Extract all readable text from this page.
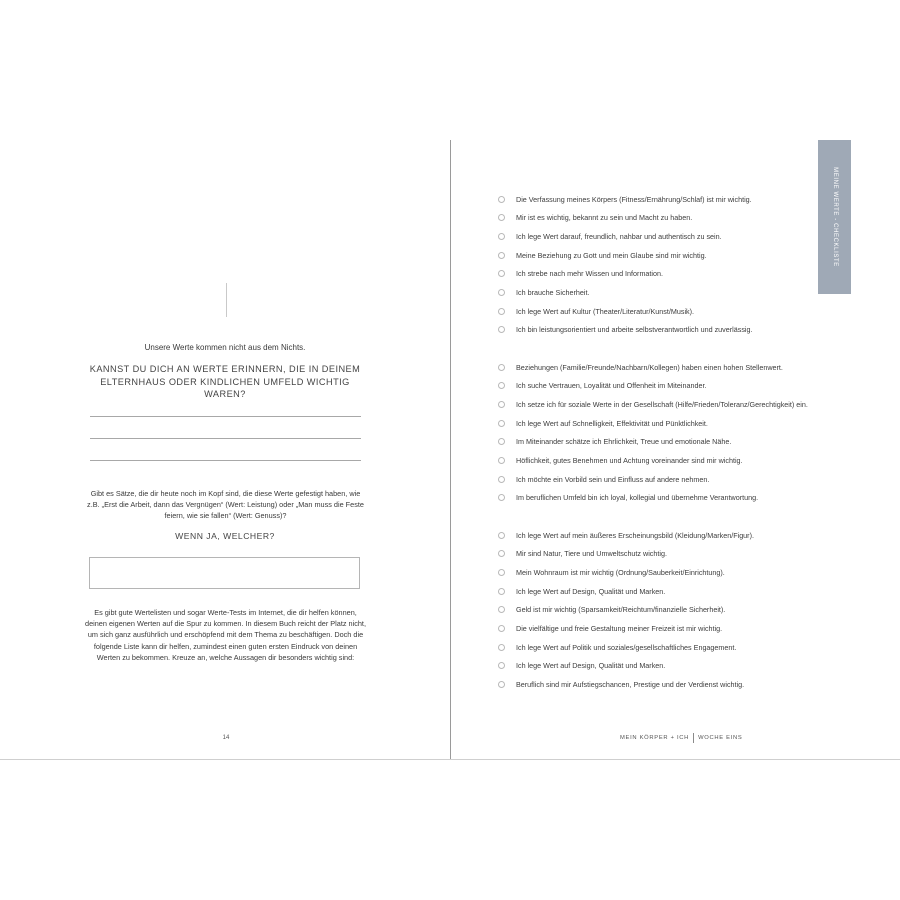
Unsere Werte kommen nicht aus dem Nichts.
KANNST DU DICH AN WERTE ERINNERN, DIE IN DEINEM ELTERNHAUS ODER KINDLICHEN UMFELD WICHTIG WAREN?
Gibt es Sätze, die dir heute noch im Kopf sind, die diese Werte gefestigt haben, wie z.B. „Erst die Arbeit, dann das Vergnügen“ (Wert: Leistung) oder „Man muss die Feste feiern, wie sie fallen“ (Wert: Genuss)?
WENN JA, WELCHER?
Es gibt gute Wertelisten und sogar Werte-Tests im Internet, die dir helfen können, deinen eigenen Werten auf die Spur zu kommen. In diesem Buch reicht der Platz nicht, um sich ganz ausführlich und erschöpfend mit dem Thema zu beschäftigen. Doch die folgende Liste kann dir helfen, zumindest einen guten ersten Eindruck von deinen Werten zu bekommen. Kreuze an, welche Aussagen dir besonders wichtig sind:
14
MEINE WERTE - CHECKLISTE
Die Verfassung meines Körpers (Fitness/Ernährung/Schlaf) ist mir wichtig.
Mir ist es wichtig, bekannt zu sein und Macht zu haben.
Ich lege Wert darauf, freundlich, nahbar und authentisch zu sein.
Meine Beziehung zu Gott und mein Glaube sind mir wichtig.
Ich strebe nach mehr Wissen und Information.
Ich brauche Sicherheit.
Ich lege Wert auf Kultur (Theater/Literatur/Kunst/Musik).
Ich bin leistungsorientiert und arbeite selbstverantwortlich und zuverlässig.
Beziehungen (Familie/Freunde/Nachbarn/Kollegen) haben einen hohen Stellenwert.
Ich suche Vertrauen, Loyalität und Offenheit im Miteinander.
Ich setze ich für soziale Werte in der Gesellschaft (Hilfe/Frieden/Toleranz/Gerechtigkeit) ein.
Ich lege Wert auf Schnelligkeit, Effektivität und Pünktlichkeit.
Im Miteinander schätze ich Ehrlichkeit, Treue und emotionale Nähe.
Höflichkeit, gutes Benehmen und Achtung voreinander sind mir wichtig.
Ich möchte ein Vorbild sein und Einfluss auf andere nehmen.
Im beruflichen Umfeld bin ich loyal, kollegial und übernehme Verantwortung.
Ich lege Wert auf mein äußeres Erscheinungsbild (Kleidung/Marken/Figur).
Mir sind Natur, Tiere und Umweltschutz wichtig.
Mein Wohnraum ist mir wichtig (Ordnung/Sauberkeit/Einrichtung).
Ich lege Wert auf Design, Qualität und Marken.
Geld ist mir wichtig (Sparsamkeit/Reichtum/finanzielle Sicherheit).
Die vielfältige und freie Gestaltung meiner Freizeit ist mir wichtig.
Ich lege Wert auf Politik und soziales/gesellschaftliches Engagement.
Ich lege Wert auf Design, Qualität und Marken.
Beruflich sind mir Aufstiegschancen, Prestige und der Verdienst wichtig.
MEIN KÖRPER + ICH WOCHE EINS
